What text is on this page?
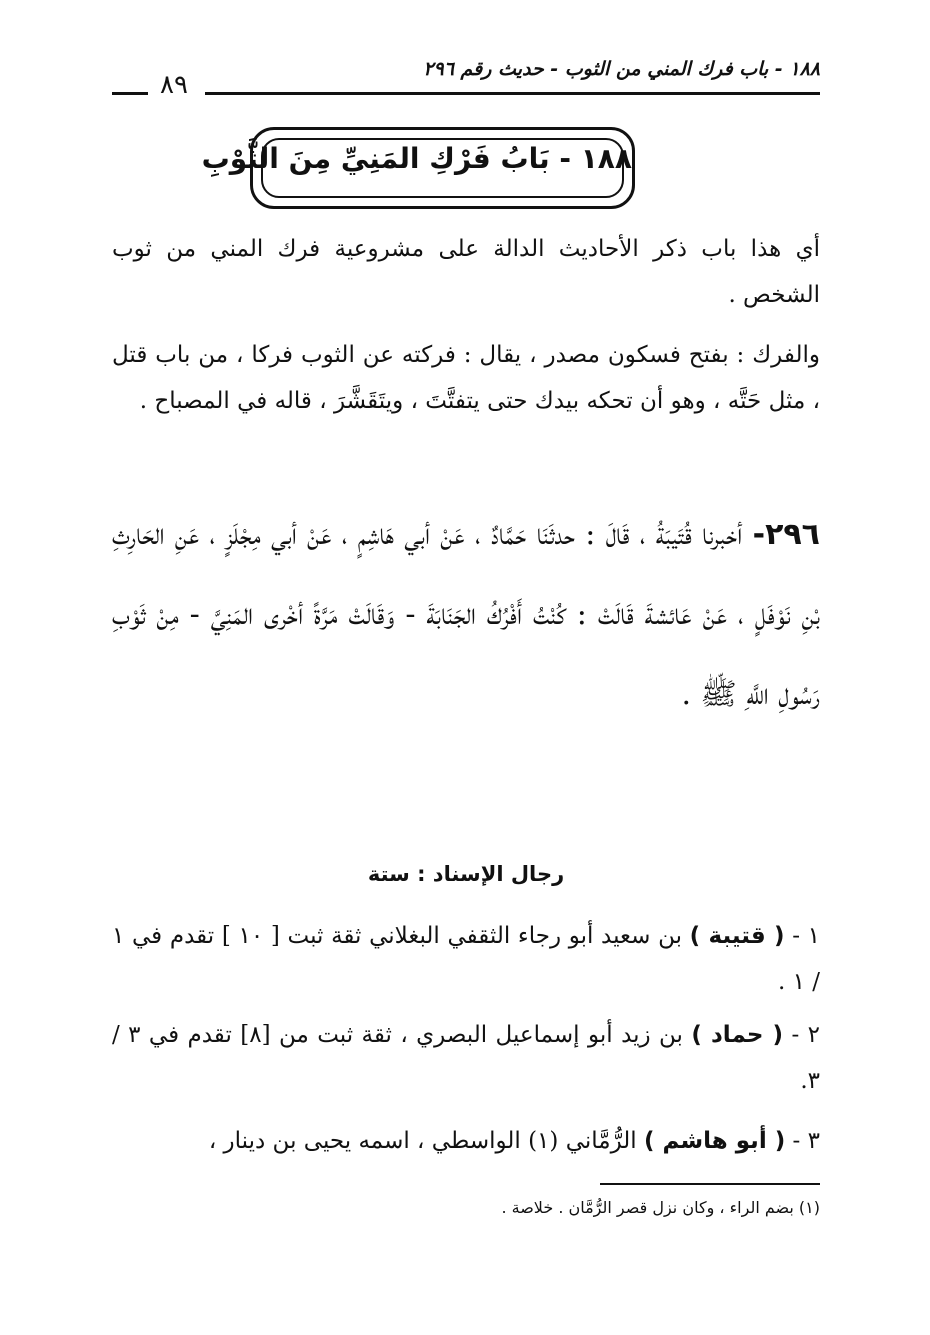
١٨٨ - باب فرك المني من الثوب - حديث رقم ٢٩٦
٨٩
١٨٨ - بَابُ فَرْكِ المَنِيِّ مِنَ الثَّوْبِ
أي هذا باب ذكر الأحاديث الدالة على مشروعية فرك المني من ثوب الشخص .
والفرك : بفتح فسكون مصدر ، يقال : فركته عن الثوب فركا ، من باب قتل ، مثل حَتَّه ، وهو أن تحكه بيدك حتى يتفتَّتَ ، ويتَقَشَّرَ ، قاله في المصباح .
٢٩٦- أخبرنا قُتَيبَةُ ، قَالَ : حدثَنَا حَمَّادٌ ، عَنْ أبي هَاشِمٍ ، عَنْ أبي مِجْلَزٍ ، عَنِ الحَارِثِ بْنِ نَوْفَلٍ ، عَنْ عَائشةَ قَالَتْ : كُنْتُ أَفْرُكُ الجَنَابَةَ - وَقَالَتْ مَرَّةً أخْرى المَنِيَّ - مِنْ ثَوْبِ رَسُولِ اللَّهِ ﷺ .
رجال الإسناد : ستة
١ - ( قتيبة ) بن سعيد أبو رجاء الثقفي البغلاني ثقة ثبت [ ١٠ ] تقدم في ١ / ١ .
٢ - ( حماد ) بن زيد أبو إسماعيل البصري ، ثقة ثبت من [٨] تقدم في ٣ / ٣.
٣ - ( أبو هاشم ) الرُّمَّاني (١) الواسطي ، اسمه يحيى بن دينار ،
(١) بضم الراء ، وكان نزل قصر الرُّمَّان . خلاصة .
